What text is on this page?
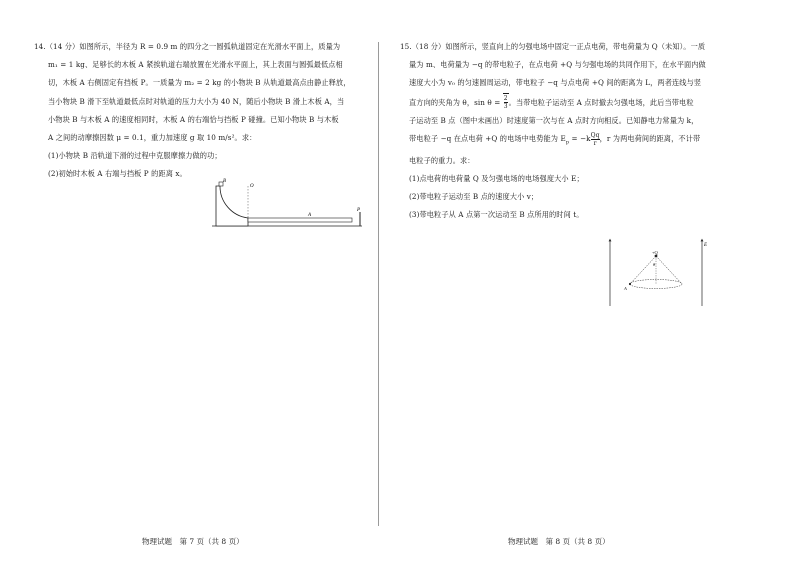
14.（14 分）如图所示，半径为 R = 0.9 m 的四分之一圆弧轨道固定在光滑水平面上，质量为

m₁ = 1 kg、足够长的木板 A 紧挨轨道右端放置在光滑水平面上，其上表面与圆弧最低点相

切，木板 A 右侧固定有挡板 P。一质量为 m₂ = 2 kg 的小物块 B 从轨道最高点由静止释放，

当小物块 B 滑下至轨道最低点时对轨道的压力大小为 40 N，随后小物块 B 滑上木板 A，当

小物块 B 与木板 A 的速度相同时，木板 A 的右端恰与挡板 P 碰撞。已知小物块 B 与木板

A 之间的动摩擦因数 μ = 0.1，重力加速度 g 取 10 m/s²。求：

(1)小物块 B 沿轨道下滑的过程中克服摩擦力做的功；

(2)初始时木板 A 右端与挡板 P 的距离 x。

B
O
A
P
物理试题　第 7 页（共 8 页）

15.（18 分）如图所示，竖直向上的匀强电场中固定一正点电荷，带电荷量为 Q（未知）。一质

量为 m、电荷量为 −q 的带电粒子，在点电荷 +Q 与匀强电场的共同作用下，在水平面内做

速度大小为 v₀ 的匀速圆周运动，带电粒子 −q 与点电荷 +Q 间的距离为 L，两者连线与竖

直方向的夹角为 θ，$\sin \theta = \frac{2}{3}$ 。当带电粒子运动至 A 点时撤去匀强电场，此后当带电粒

子运动至 B 点（图中未画出）时速度第一次与在 A 点时方向相反。已知静电力常量为 k，

带电粒子 −q 在点电荷 +Q 的电场中电势能为 $E_p = -k \frac{Qq}{r}$ ，r 为两电荷间的距离，不计带

电粒子的重力。求：

(1)点电荷的电荷量 Q 及匀强电场的电场强度大小 E；

(2)带电粒子运动至 B 点的速度大小 v；

(3)带电粒子从 A 点第一次运动至 B 点所用的时间 t。

E
+Q
θ
A
物理试题　第 8 页（共 8 页）
